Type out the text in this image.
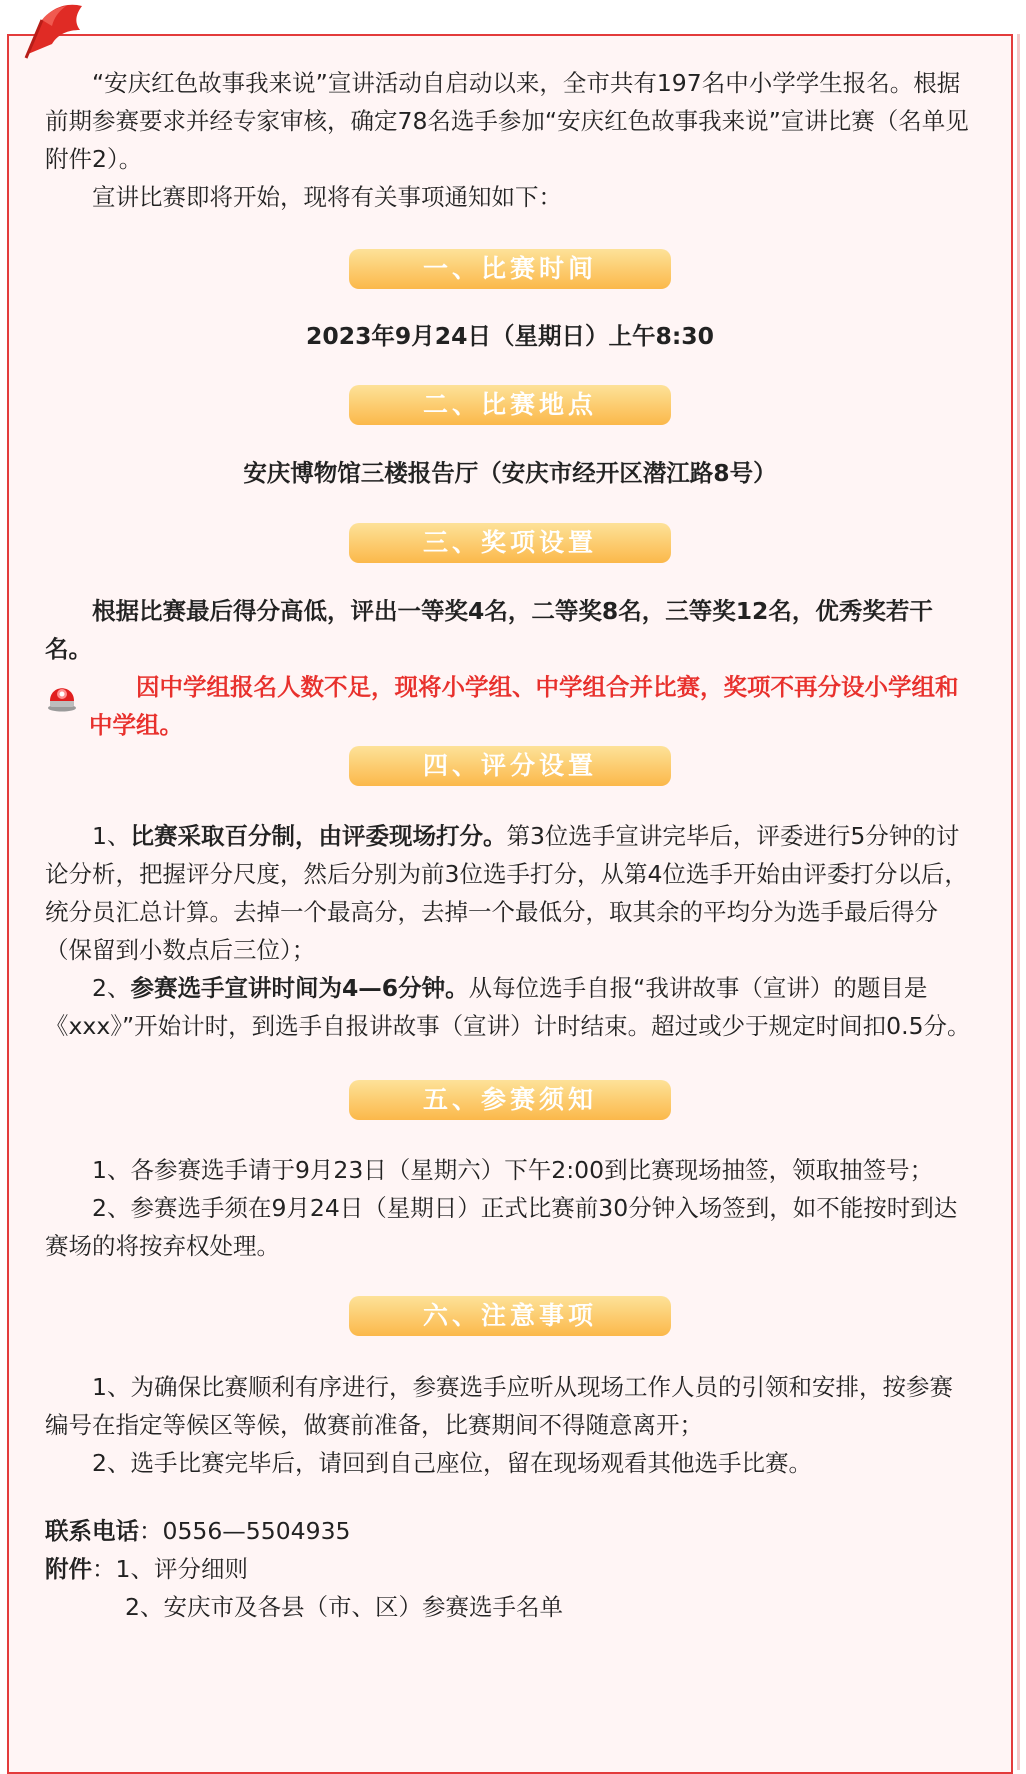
“安庆红色故事我来说”宣讲活动自启动以来，全市共有197名中小学学生报名。根据前期参赛要求并经专家审核，确定78名选手参加“安庆红色故事我来说”宣讲比赛（名单见附件2）。

宣讲比赛即将开始，现将有关事项通知如下：

一、比赛时间

2023年9月24日（星期日）上午8:30

二、比赛地点

安庆博物馆三楼报告厅（安庆市经开区潜江路8号）

三、奖项设置

根据比赛最后得分高低，评出一等奖4名，二等奖8名，三等奖12名，优秀奖若干名。

因中学组报名人数不足，现将小学组、中学组合并比赛，奖项不再分设小学组和中学组。

四、评分设置

1、比赛采取百分制，由评委现场打分。第3位选手宣讲完毕后，评委进行5分钟的讨论分析，把握评分尺度，然后分别为前3位选手打分，从第4位选手开始由评委打分以后，统分员汇总计算。去掉一个最高分，去掉一个最低分，取其余的平均分为选手最后得分（保留到小数点后三位）；

2、参赛选手宣讲时间为4—6分钟。从每位选手自报“我讲故事（宣讲）的题目是《xxx》”开始计时，到选手自报讲故事（宣讲）计时结束。超过或少于规定时间扣0.5分。

五、参赛须知

1、各参赛选手请于9月23日（星期六）下午2:00到比赛现场抽签，领取抽签号；

2、参赛选手须在9月24日（星期日）正式比赛前30分钟入场签到，如不能按时到达赛场的将按弃权处理。

六、注意事项

1、为确保比赛顺利有序进行，参赛选手应听从现场工作人员的引领和安排，按参赛编号在指定等候区等候，做赛前准备，比赛期间不得随意离开；

2、选手比赛完毕后，请回到自己座位，留在现场观看其他选手比赛。

联系电话：0556—5504935

附件：1、评分细则

2、安庆市及各县（市、区）参赛选手名单
